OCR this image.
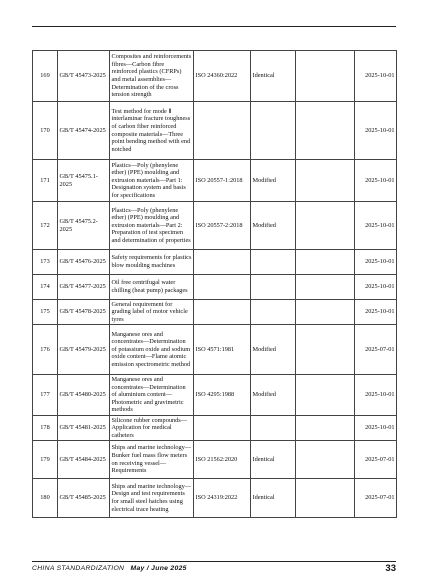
169	GB/T 45473-2025	Composites and reinforcements fibres—Carbon fibre reinforced plastics (CFRPs) and metal assemblies—Determination of the cross tension strength	ISO 24360:2022	Identical		2025-10-01
170	GB/T 45474-2025	Test method for mode Ⅱ interlaminar fracture toughness of carbon fiber reinforced composite materials—Three point bending method with end notched				2025-10-01
171	GB/T 45475.1-2025	Plastics—Poly (phenylene ether) (PPE) moulding and extrusion materials—Part 1: Designation system and basis for specifications	ISO 20557-1:2018	Modified		2025-10-01
172	GB/T 45475.2-2025	Plastics—Poly (phenylene ether) (PPE) moulding and extrusion materials—Part 2: Preparation of test specimen and determination of properties	ISO 20557-2:2018	Modified		2025-10-01
173	GB/T 45476-2025	Safety requirements for plastics blow moulding machines				2025-10-01
174	GB/T 45477-2025	Oil free centrifugal water chilling (heat pump) packages				2025-10-01
175	GB/T 45478-2025	General requirement for grading label of motor vehicle tyres				2025-10-01
176	GB/T 45479-2025	Manganese ores and concentrates—Determination of potassium oxide and sodium oxide content—Flame atomic emission spectrometric method	ISO 4571:1981	Modified		2025-07-01
177	GB/T 45480-2025	Manganese ores and concentrates—Determination of aluminium content—Photometric and gravimetric methods	ISO 4295:1988	Modified		2025-10-01
178	GB/T 45481-2025	Silicone rubber compounds—Application for medical catheters				2025-10-01
179	GB/T 45484-2025	Ships and marine technology—Bunker fuel mass flow meters on receiving vessel—Requirements	ISO 21562:2020	Identical		2025-07-01
180	GB/T 45485-2025	Ships and marine technology—Design and test requirements for small steel hatches using electrical trace heating	ISO 24319:2022	Identical		2025-07-01
CHINA STANDARDIZATION May / June 2025	33
